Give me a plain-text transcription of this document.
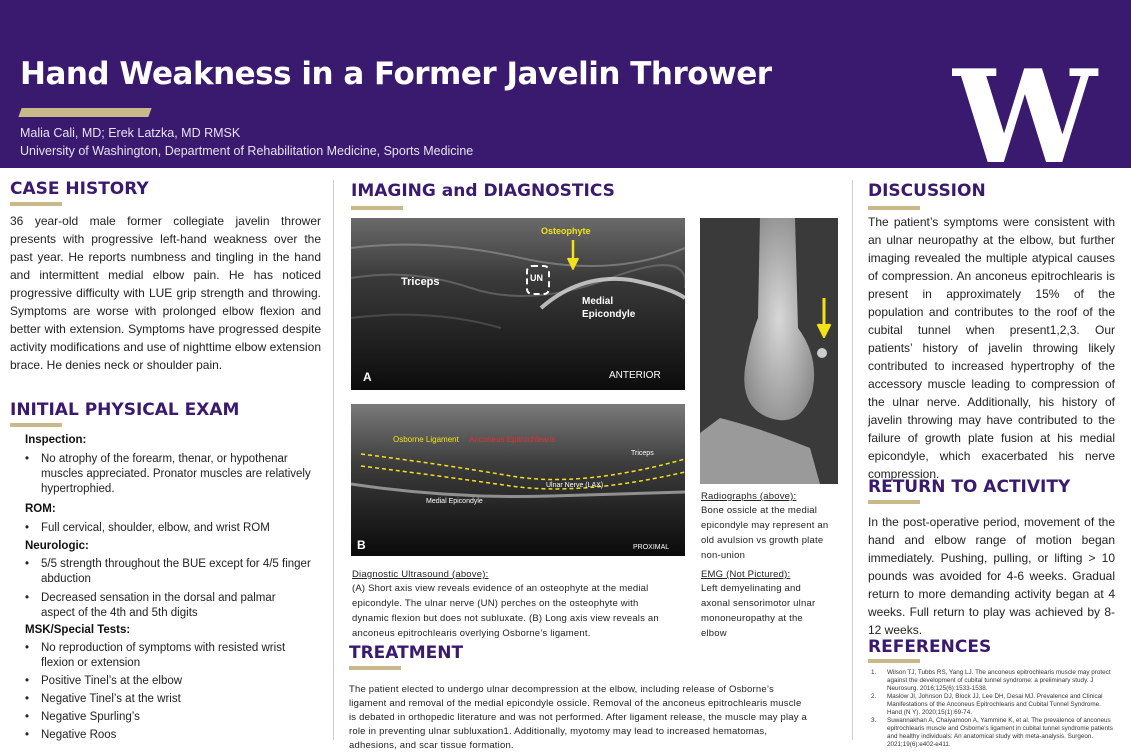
Hand Weakness in a Former Javelin Thrower
Malia Cali, MD; Erek Latzka, MD RMSK
University of Washington, Department of Rehabilitation Medicine, Sports Medicine	W
CASE HISTORY
36 year-old male former collegiate javelin thrower presents with progressive left-hand weakness over the past year. He reports numbness and tingling in the hand and intermittent medial elbow pain. He has noticed progressive difficulty with LUE grip strength and throwing. Symptoms are worse with prolonged elbow flexion and better with extension. Symptoms have progressed despite activity modifications and use of nighttime elbow extension brace. He denies neck or shoulder pain.
INITIAL PHYSICAL EXAM
Inspection:
• No atrophy of the forearm, thenar, or hypothenar muscles appreciated. Pronator muscles are relatively hypertrophied.
ROM:
• Full cervical, shoulder, elbow, and wrist ROM
Neurologic:
• 5/5 strength throughout the BUE except for 4/5 finger abduction
• Decreased sensation in the dorsal and palmar aspect of the 4th and 5th digits
MSK/Special Tests:
• No reproduction of symptoms with resisted wrist flexion or extension
• Positive Tinel’s at the elbow
• Negative Tinel’s at the wrist
• Negative Spurling’s
• Negative Roos
IMAGING and DIAGNOSTICS
Osteophyte
Triceps	UN
Medial
Epicondyle
A	ANTERIOR
Osborne Ligament Anconeus Epitrochlearis
Triceps
Ulnar Nerve (LAX)
Medial Epicondyle
B	PROXIMAL
Radiographs (above):
Bone ossicle at the medial
epicondyle may represent an
old avulsion vs growth plate
non-union
EMG (Not Pictured):
Left demyelinating and
axonal sensorimotor ulnar
mononeuropathy at the
elbow
Diagnostic Ultrasound (above):
(A) Short axis view reveals evidence of an osteophyte at the medial
epicondyle. The ulnar nerve (UN) perches on the osteophyte with
dynamic flexion but does not subluxate. (B) Long axis view reveals an
anconeus epitrochlearis overlying Osborne’s ligament.
TREATMENT
The patient elected to undergo ulnar decompression at the elbow, including release of Osborne’s
ligament and removal of the medial epicondyle ossicle. Removal of the anconeus epitrochlearis muscle
is debated in orthopedic literature and was not performed. After ligament release, the muscle may play a
role in preventing ulnar subluxation1. Additionally, myotomy may lead to increased hematomas,
adhesions, and scar tissue formation.
DISCUSSION
The patient’s symptoms were consistent with an ulnar neuropathy at the elbow, but further imaging revealed the multiple atypical causes of compression. An anconeus epitrochlearis is present in approximately 15% of the population and contributes to the roof of the cubital tunnel when present1,2,3. Our patients’ history of javelin throwing likely contributed to increased hypertrophy of the accessory muscle leading to compression of the ulnar nerve. Additionally, his history of javelin throwing may have contributed to the failure of growth plate fusion at his medial epicondyle, which exacerbated his nerve compression.
RETURN TO ACTIVITY
In the post-operative period, movement of the hand and elbow range of motion began immediately. Pushing, pulling, or lifting > 10 pounds was avoided for 4-6 weeks. Gradual return to more demanding activity began at 4 weeks. Full return to play was achieved by 8-12 weeks.
REFERENCES
1. Wilson TJ, Tubbs RS, Yang LJ. The anconeus epitrochlearis muscle may protect against the development of cubital tunnel syndrome: a preliminary study. J Neurosurg. 2016;125(6):1533-1538.
2. Maslow JI, Johnson DJ, Block JJ, Lee DH, Desai MJ. Prevalence and Clinical Manifestations of the Anconeus Epitrochlearis and Cubital Tunnel Syndrome. Hand (N Y). 2020;15(1):69-74.
3. Suwannakhan A, Chaiyamoon A, Yammine K, et al. The prevalence of anconeus epitrochlearis muscle and Osborne's ligament in cubital tunnel syndrome patients and healthy individuals: An anatomical study with meta-analysis. Surgeon. 2021;19(6):e402-e411.
